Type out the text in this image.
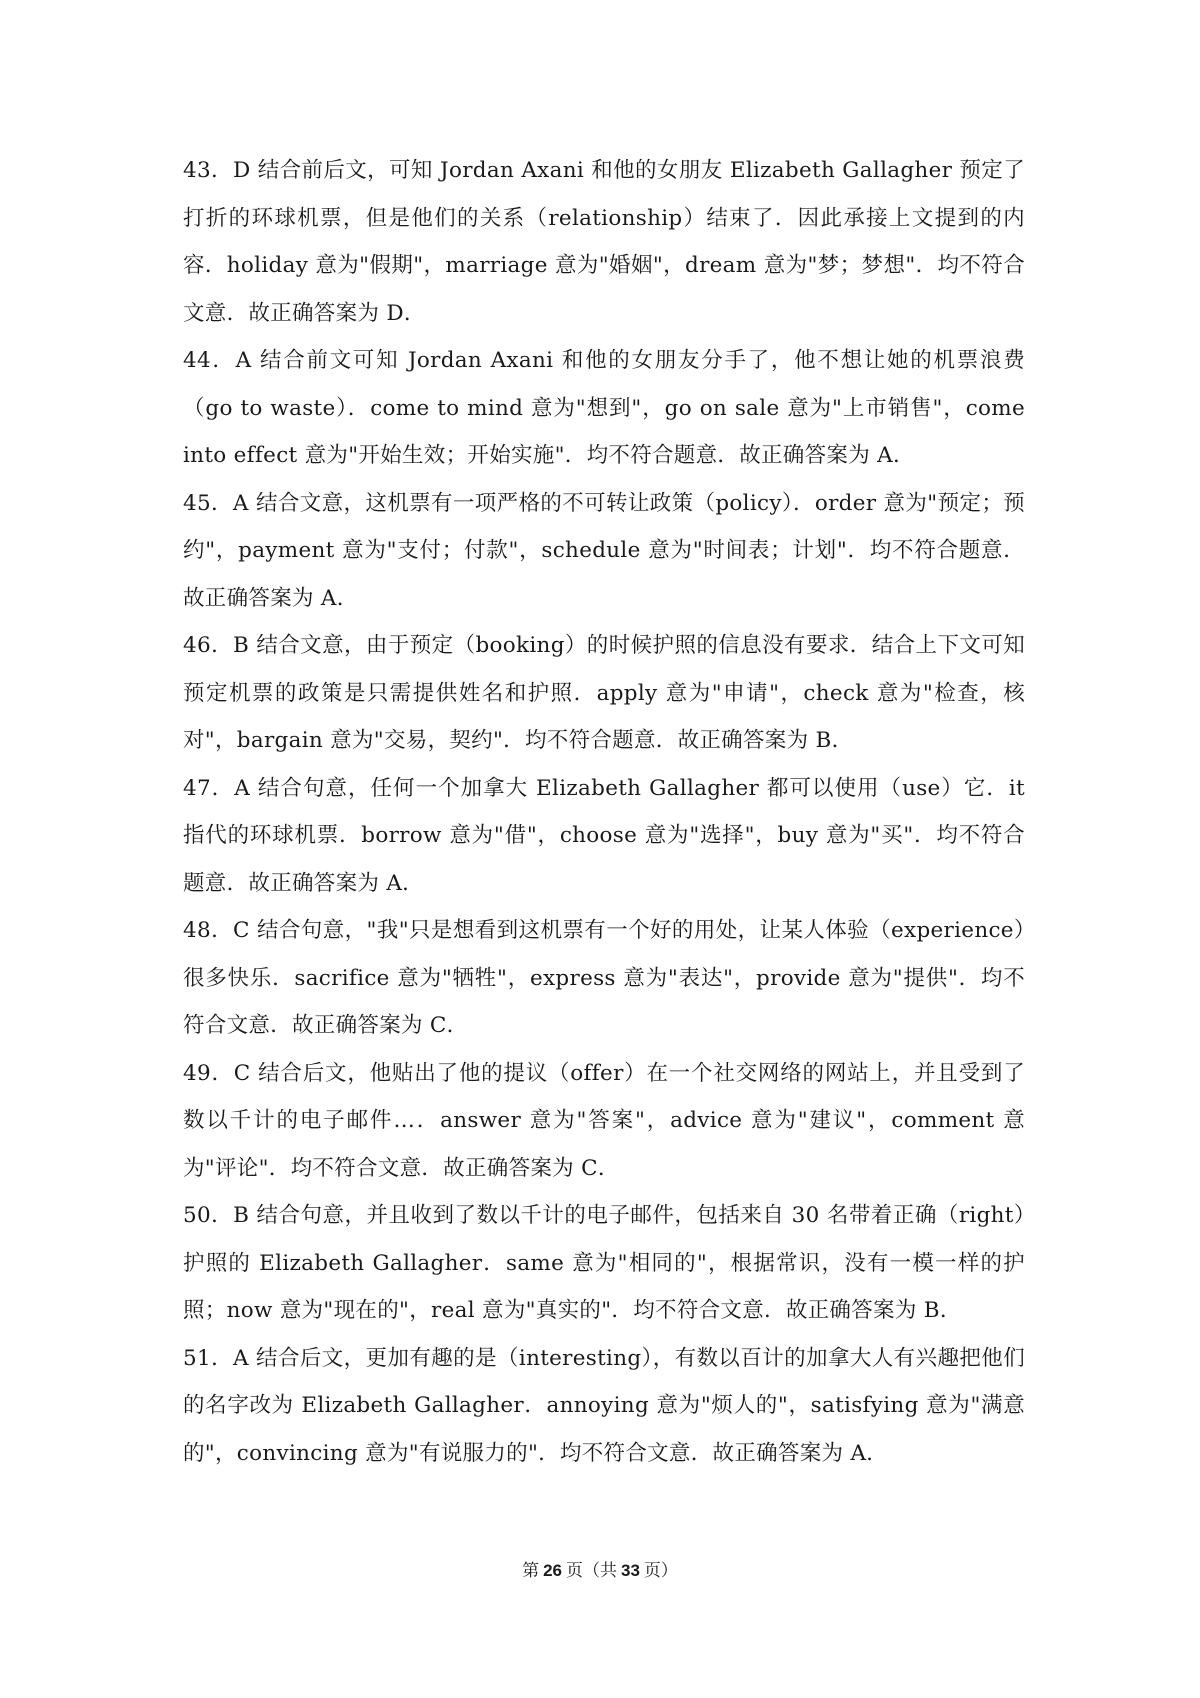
43．D 结合前后文，可知 Jordan Axani 和他的女朋友 Elizabeth Gallagher 预定了打折的环球机票，但是他们的关系（relationship）结束了．因此承接上文提到的内容．holiday 意为"假期"，marriage 意为"婚姻"，dream 意为"梦；梦想"．均不符合文意．故正确答案为 D．

44．A 结合前文可知 Jordan Axani 和他的女朋友分手了，他不想让她的机票浪费（go to waste）．come to mind 意为"想到"，go on sale 意为"上市销售"，come into effect 意为"开始生效；开始实施"．均不符合题意．故正确答案为 A．

45．A 结合文意，这机票有一项严格的不可转让政策（policy）．order 意为"预定；预约"，payment 意为"支付；付款"，schedule 意为"时间表；计划"．均不符合题意．故正确答案为 A．

46．B 结合文意，由于预定（booking）的时候护照的信息没有要求．结合上下文可知预定机票的政策是只需提供姓名和护照．apply 意为"申请"，check 意为"检查，核对"，bargain 意为"交易，契约"．均不符合题意．故正确答案为 B．

47．A 结合句意，任何一个加拿大 Elizabeth Gallagher 都可以使用（use）它．it 指代的环球机票．borrow 意为"借"，choose 意为"选择"，buy 意为"买"．均不符合题意．故正确答案为 A．

48．C 结合句意，"我"只是想看到这机票有一个好的用处，让某人体验（experience）很多快乐．sacrifice 意为"牺牲"，express 意为"表达"，provide 意为"提供"．均不符合文意．故正确答案为 C．

49．C 结合后文，他贴出了他的提议（offer）在一个社交网络的网站上，并且受到了数以千计的电子邮件…．answer 意为"答案"，advice 意为"建议"，comment 意为"评论"．均不符合文意．故正确答案为 C．

50．B 结合句意，并且收到了数以千计的电子邮件，包括来自 30 名带着正确（right）护照的 Elizabeth Gallagher．same 意为"相同的"，根据常识，没有一模一样的护照；now 意为"现在的"，real 意为"真实的"．均不符合文意．故正确答案为 B．

51．A 结合后文，更加有趣的是（interesting），有数以百计的加拿大人有兴趣把他们的名字改为 Elizabeth Gallagher．annoying 意为"烦人的"，satisfying 意为"满意的"，convincing 意为"有说服力的"．均不符合文意．故正确答案为 A．

第 26 页（共 33 页）
